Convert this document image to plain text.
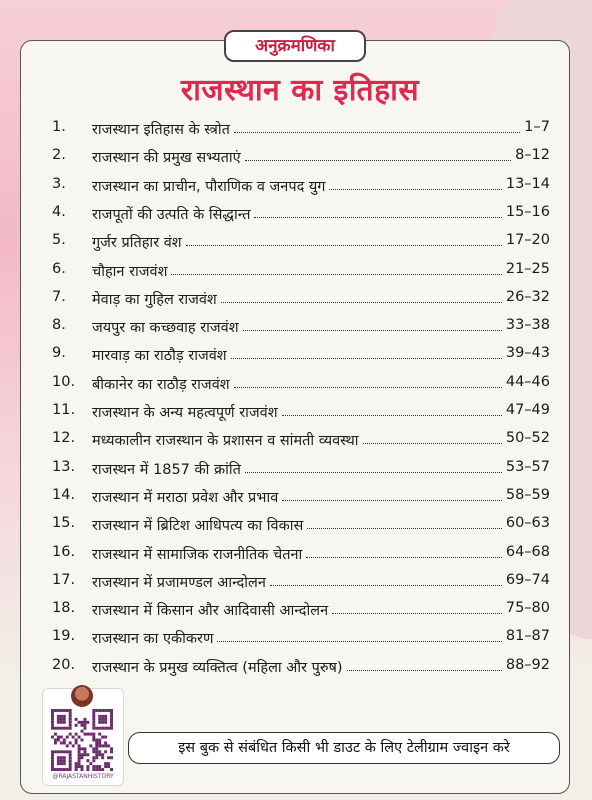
अनुक्रमणिका
राजस्थान का इतिहास
1.	राजस्थान इतिहास के स्त्रोत	1–7
2.	राजस्थान की प्रमुख सभ्यताएं	8–12
3.	राजस्थान का प्राचीन, पौराणिक व जनपद युग	13–14
4.	राजपूतों की उत्पति के सिद्धान्त	15–16
5.	गुर्जर प्रतिहार वंश	17–20
6.	चौहान राजवंश	21–25
7.	मेवाड़ का गुहिल राजवंश	26–32
8.	जयपुर का कच्छवाह राजवंश	33–38
9.	मारवाड़ का राठौड़ राजवंश	39–43
10.	बीकानेर का राठौड़ राजवंश	44–46
11.	राजस्थान के अन्य महत्वपूर्ण राजवंश	47–49
12.	मध्यकालीन राजस्थान के प्रशासन व सांमती व्यवस्था	50–52
13.	राजस्थन में 1857 की क्रांति	53–57
14.	राजस्थान में मराठा प्रवेश और प्रभाव	58–59
15.	राजस्थान में ब्रिटिश आधिपत्य का विकास	60–63
16.	राजस्थान में सामाजिक राजनीतिक चेतना	64–68
17.	राजस्थान में प्रजामण्डल आन्दोलन	69–74
18.	राजस्थान में किसान और आदिवासी आन्दोलन	75–80
19.	राजस्थान का एकीकरण	81–87
20.	राजस्थान के प्रमुख व्यक्तित्व (महिला और पुरुष)	88–92
@RAJASTANHISTORY
इस बुक से संबंधित किसी भी डाउट के लिए टेलीग्राम ज्वाइन करे
